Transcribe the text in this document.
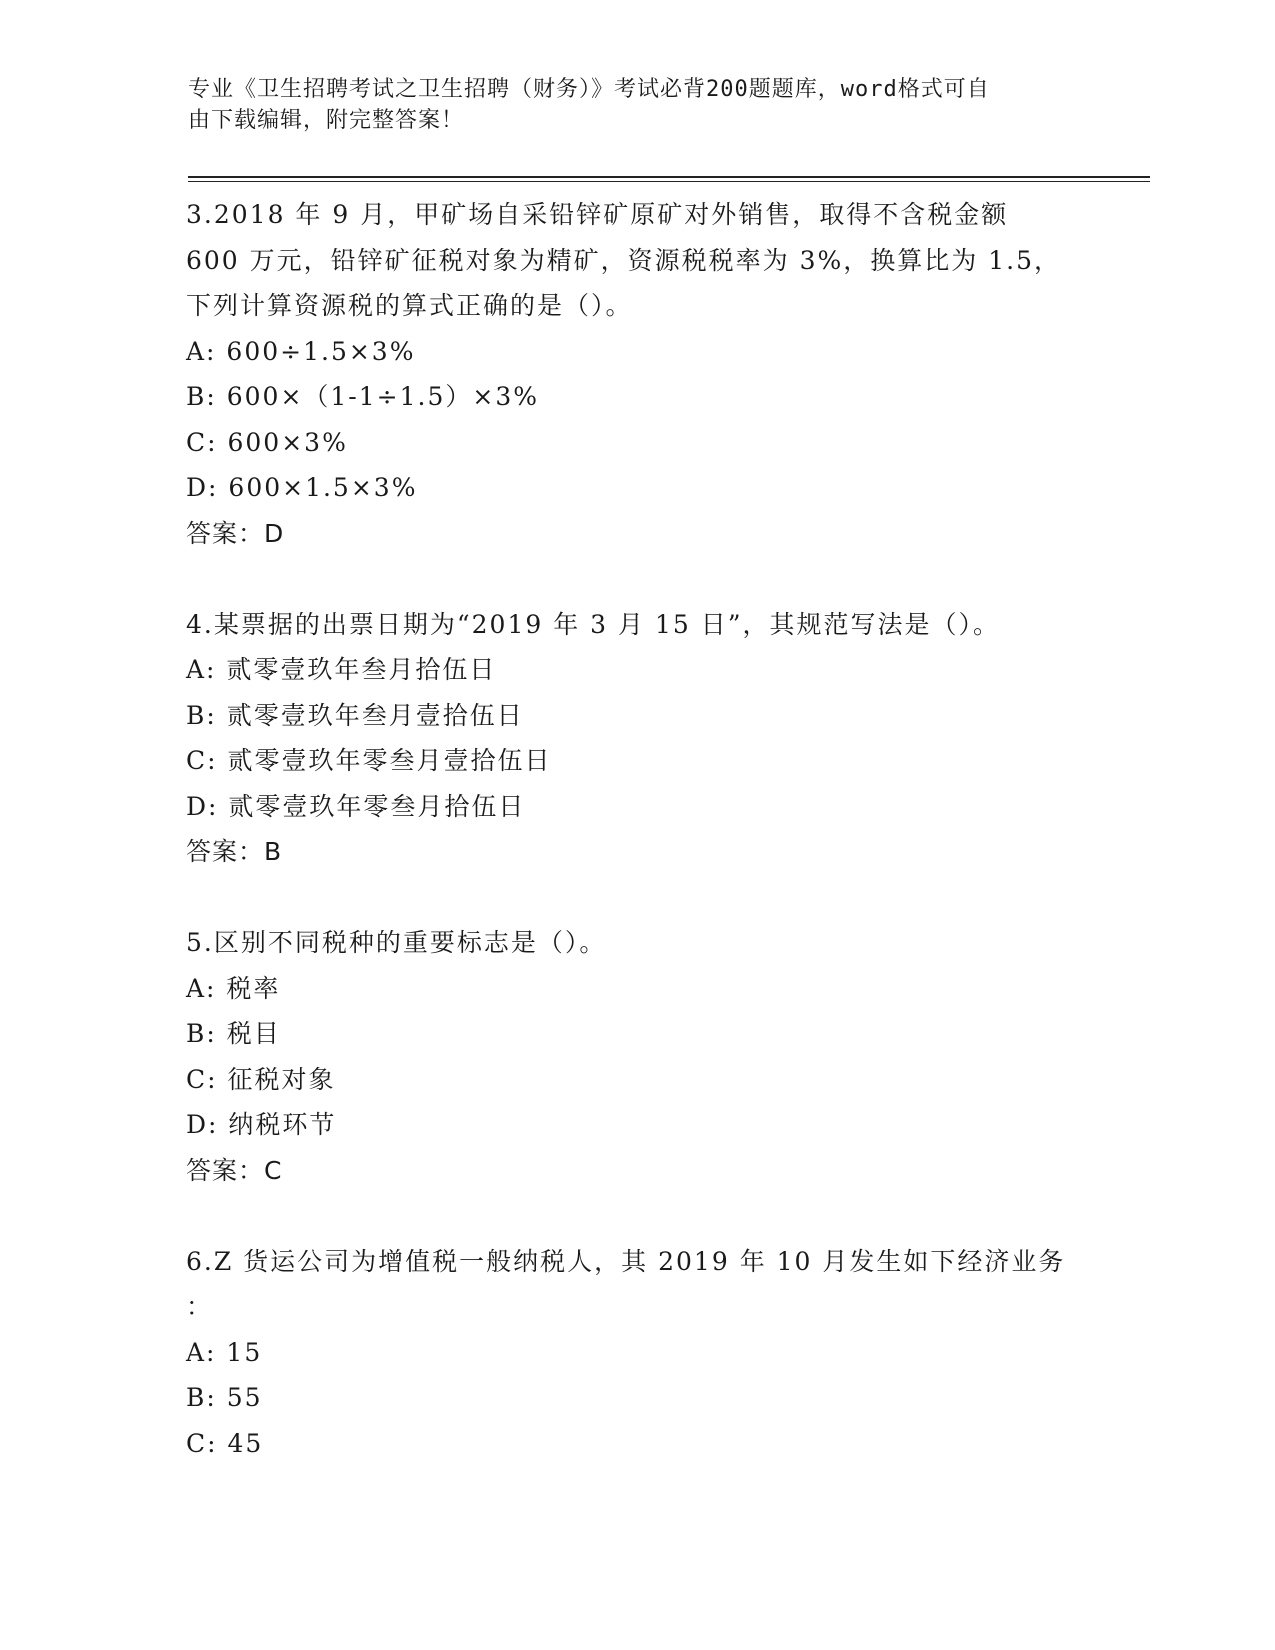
专业《卫生招聘考试之卫生招聘（财务）》考试必背200题题库，word格式可自
由下载编辑，附完整答案！
3.2018 年 9 月，甲矿场自采铅锌矿原矿对外销售，取得不含税金额
600 万元，铅锌矿征税对象为精矿，资源税税率为 3%，换算比为 1.5，
下列计算资源税的算式正确的是（）。
A: 600÷1.5×3%
B: 600×（1-1÷1.5）×3%
C: 600×3%
D: 600×1.5×3%
答案：D
4.某票据的出票日期为“2019 年 3 月 15 日”，其规范写法是（）。
A: 贰零壹玖年叁月拾伍日
B: 贰零壹玖年叁月壹拾伍日
C: 贰零壹玖年零叁月壹拾伍日
D: 贰零壹玖年零叁月拾伍日
答案：B
5.区别不同税种的重要标志是（）。
A: 税率
B: 税目
C: 征税对象
D: 纳税环节
答案：C
6.Z 货运公司为增值税一般纳税人，其 2019 年 10 月发生如下经济业务
：
A: 15
B: 55
C: 45
